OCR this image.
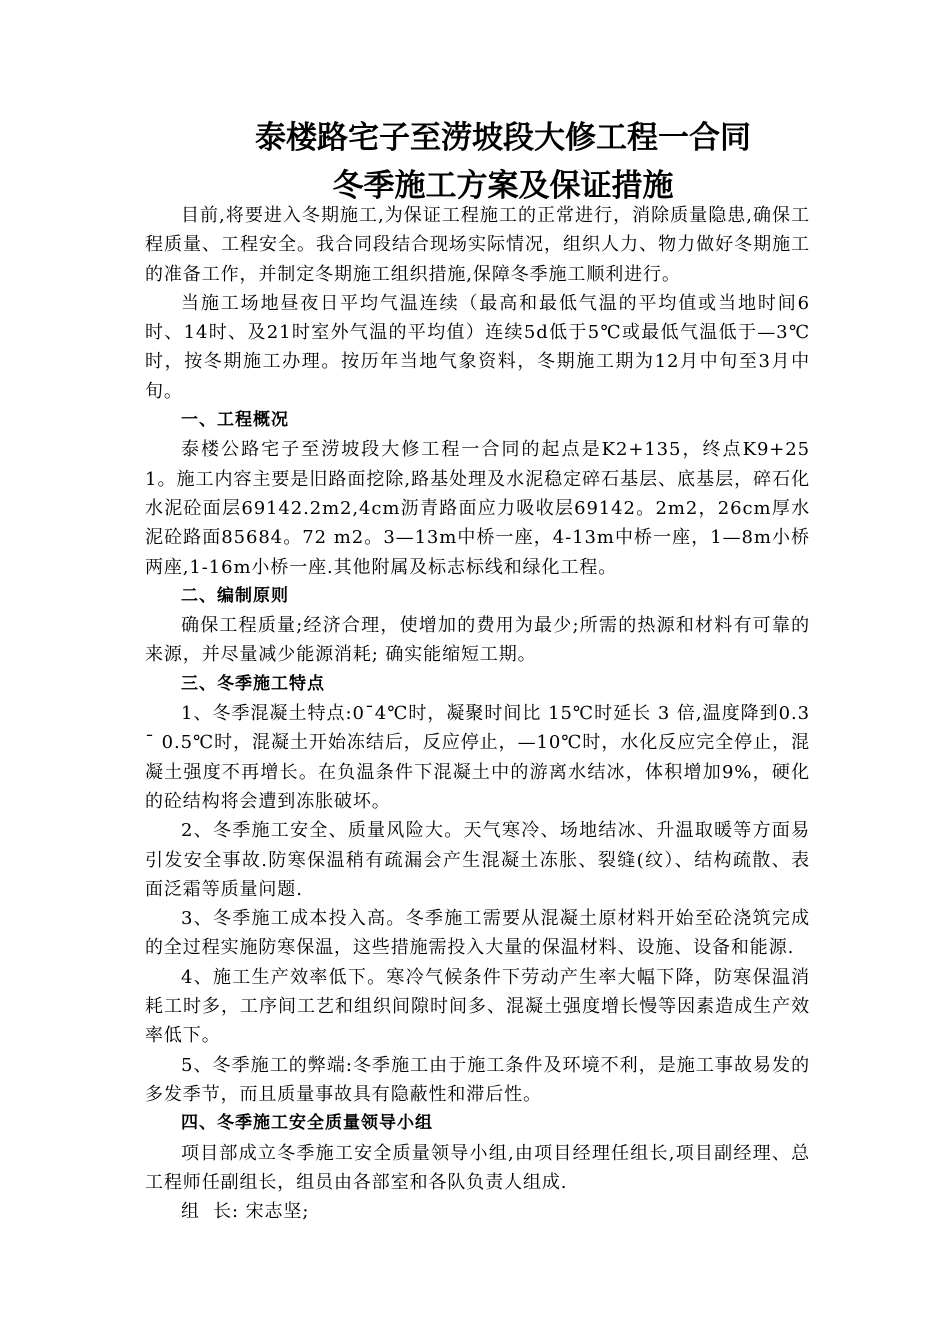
泰楼路宅子至涝坡段大修工程一合同
冬季施工方案及保证措施

目前,将要进入冬期施工,为保证工程施工的正常进行，消除质量隐患,确保工程质量、工程安全。我合同段结合现场实际情况，组织人力、物力做好冬期施工的准备工作，并制定冬期施工组织措施,保障冬季施工顺利进行。

当施工场地昼夜日平均气温连续（最高和最低气温的平均值或当地时间6时、14时、及21时室外气温的平均值）连续5d低于5℃或最低气温低于—3℃时，按冬期施工办理。按历年当地气象资料，冬期施工期为12月中旬至3月中旬。

一、工程概况

泰楼公路宅子至涝坡段大修工程一合同的起点是K2+135，终点K9+251。施工内容主要是旧路面挖除,路基处理及水泥稳定碎石基层、底基层，碎石化水泥砼面层69142.2m2,4cm沥青路面应力吸收层69142。2m2，26cm厚水泥砼路面85684。72 m2。3—13m中桥一座，4-13m中桥一座，1—8m小桥两座,1-16m小桥一座.其他附属及标志标线和绿化工程。

二、编制原则

确保工程质量;经济合理，使增加的费用为最少;所需的热源和材料有可靠的来源，并尽量减少能源消耗; 确实能缩短工期。

三、冬季施工特点

1、冬季混凝土特点:0¯4℃时，凝聚时间比 15℃时延长 3 倍,温度降到0.3¯ 0.5℃时，混凝土开始冻结后，反应停止，—10℃时，水化反应完全停止，混凝土强度不再增长。在负温条件下混凝土中的游离水结冰，体积增加9%，硬化的砼结构将会遭到冻胀破坏。

2、冬季施工安全、质量风险大。天气寒冷、场地结冰、升温取暖等方面易引发安全事故.防寒保温稍有疏漏会产生混凝土冻胀、裂缝(纹）、结构疏散、表面泛霜等质量问题.

3、冬季施工成本投入高。冬季施工需要从混凝土原材料开始至砼浇筑完成的全过程实施防寒保温，这些措施需投入大量的保温材料、设施、设备和能源.

4、施工生产效率低下。寒冷气候条件下劳动产生率大幅下降，防寒保温消耗工时多，工序间工艺和组织间隙时间多、混凝土强度增长慢等因素造成生产效 率低下。

5、冬季施工的弊端:冬季施工由于施工条件及环境不利，是施工事故易发的多发季节，而且质量事故具有隐蔽性和滞后性。

四、冬季施工安全质量领导小组

项目部成立冬季施工安全质量领导小组,由项目经理任组长,项目副经理、总工程师任副组长，组员由各部室和各队负责人组成.

组  长: 宋志坚;
